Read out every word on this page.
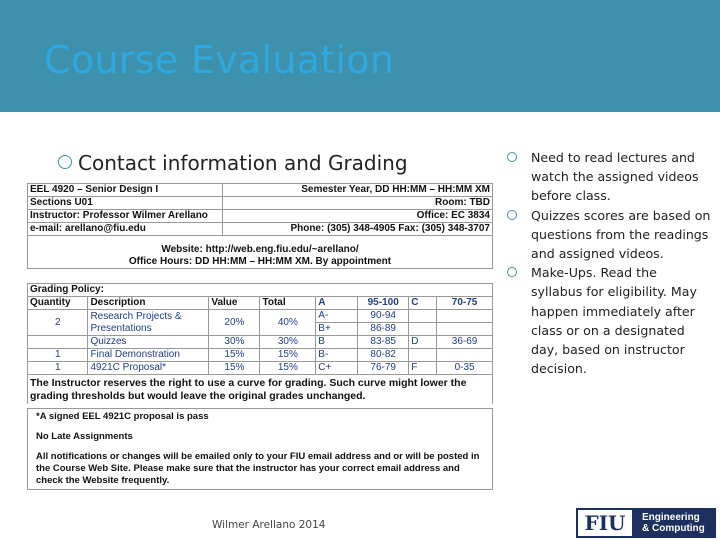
Course Evaluation
Contact information and Grading
EEL 4920 – Senior Design I	Semester Year, DD HH:MM – HH:MM XM
Sections U01	Room: TBD
Instructor: Professor Wilmer Arellano	Office: EC 3834
e-mail: arellano@fiu.edu	Phone: (305) 348-4905 Fax: (305) 348-3707

Website: http://web.eng.fiu.edu/~arellano/	
Office Hours: DD HH:MM – HH:MM XM. By appointment	

Grading Policy:							
Quantity	Description	Value	Total	A	95-100	C	70-75
2	Research Projects & Presentations	20%	40%	A-	90-94		
				B+	86-89		
	Quizzes	30%	30%	B	83-85	D	36-69
1	Final Demonstration	15%	15%	B-	80-82		
1	4921C Proposal*	15%	15%	C+	76-79	F	0-35
The Instructor reserves the right to use a curve for grading. Such curve might lower the grading thresholds but would leave the original grades unchanged.
*A signed EEL 4921C proposal is pass
No Late Assignments
All notifications or changes will be emailed only to your FIU email address and or will be posted in the Course Web Site. Please make sure that the instructor has your correct email address and check the Website frequently.
Need to read lectures and watch the assigned videos before class.
Quizzes scores are based on questions from the readings and assigned videos.
Make-Ups. Read the syllabus for eligibility. May happen immediately after class or on a designated day, based on instructor decision.
Wilmer Arellano 2014	FIU	Engineering
& Computing
